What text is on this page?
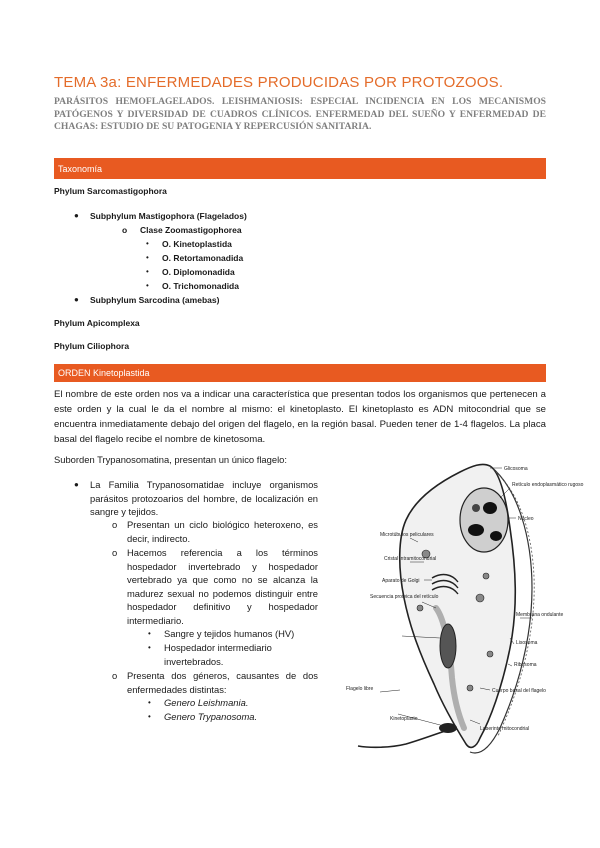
TEMA 3a: ENFERMEDADES PRODUCIDAS POR PROTOZOOS.
PARÁSITOS HEMOFLAGELADOS. LEISHMANIOSIS: ESPECIAL INCIDENCIA EN LOS MECANISMOS PATÓGENOS Y DIVERSIDAD DE CUADROS CLÍNICOS. ENFERMEDAD DEL SUEÑO Y ENFERMEDAD DE CHAGAS: ESTUDIO DE SU PATOGENIA Y REPERCUSIÓN SANITARIA.
Taxonomía
Phylum Sarcomastigophora
● Subphylum Mastigophora (Flagelados)
o Clase Zoomastigophorea
• O. Kinetoplastida
• O. Retortamonadida
• O. Diplomonadida
• O. Trichomonadida
● Subphylum Sarcodina (amebas)
Phylum Apicomplexa
Phylum Ciliophora
ORDEN Kinetoplastida
El nombre de este orden nos va a indicar una característica que presentan todos los organismos que pertenecen a este orden y la cual le da el nombre al mismo: el kinetoplasto. El kinetoplasto es ADN mitocondrial que se encuentra inmediatamente debajo del origen del flagelo, en la región basal. Pueden tener de 1-4 flagelos. La placa basal del flagelo recibe el nombre de kinetosoma.
Suborden Trypanosomatina, presentan un único flagelo:
● La Familia Trypanosomatidae incluye organismos parásitos protozoarios del hombre, de localización en sangre y tejidos.
o Presentan un ciclo biológico heteroxeno, es decir, indirecto.
o Hacemos referencia a los términos hospedador invertebrado y hospedador vertebrado ya que como no se alcanza la madurez sexual no podemos distinguir entre hospedador definitivo y hospedador intermediario.
• Sangre y tejidos humanos (HV)
• Hospedador intermediario invertebrados.
o Presenta dos géneros, causantes de dos enfermedades distintas:
• Genero Leishmania.
• Genero Trypanosoma.
Glicosoma
Retículo endoplasmático rugoso
Núcleo
Microtúbulos peliculares
Cristal intramitocondrial
Aparato de Golgi
Secuencia proteica del retículo
Membrana ondulante
Lisosoma
Ribosoma
Flagelo libre
Kinetoplasto
Cuerpo basal del flagelo
Laberinto mitocondrial
